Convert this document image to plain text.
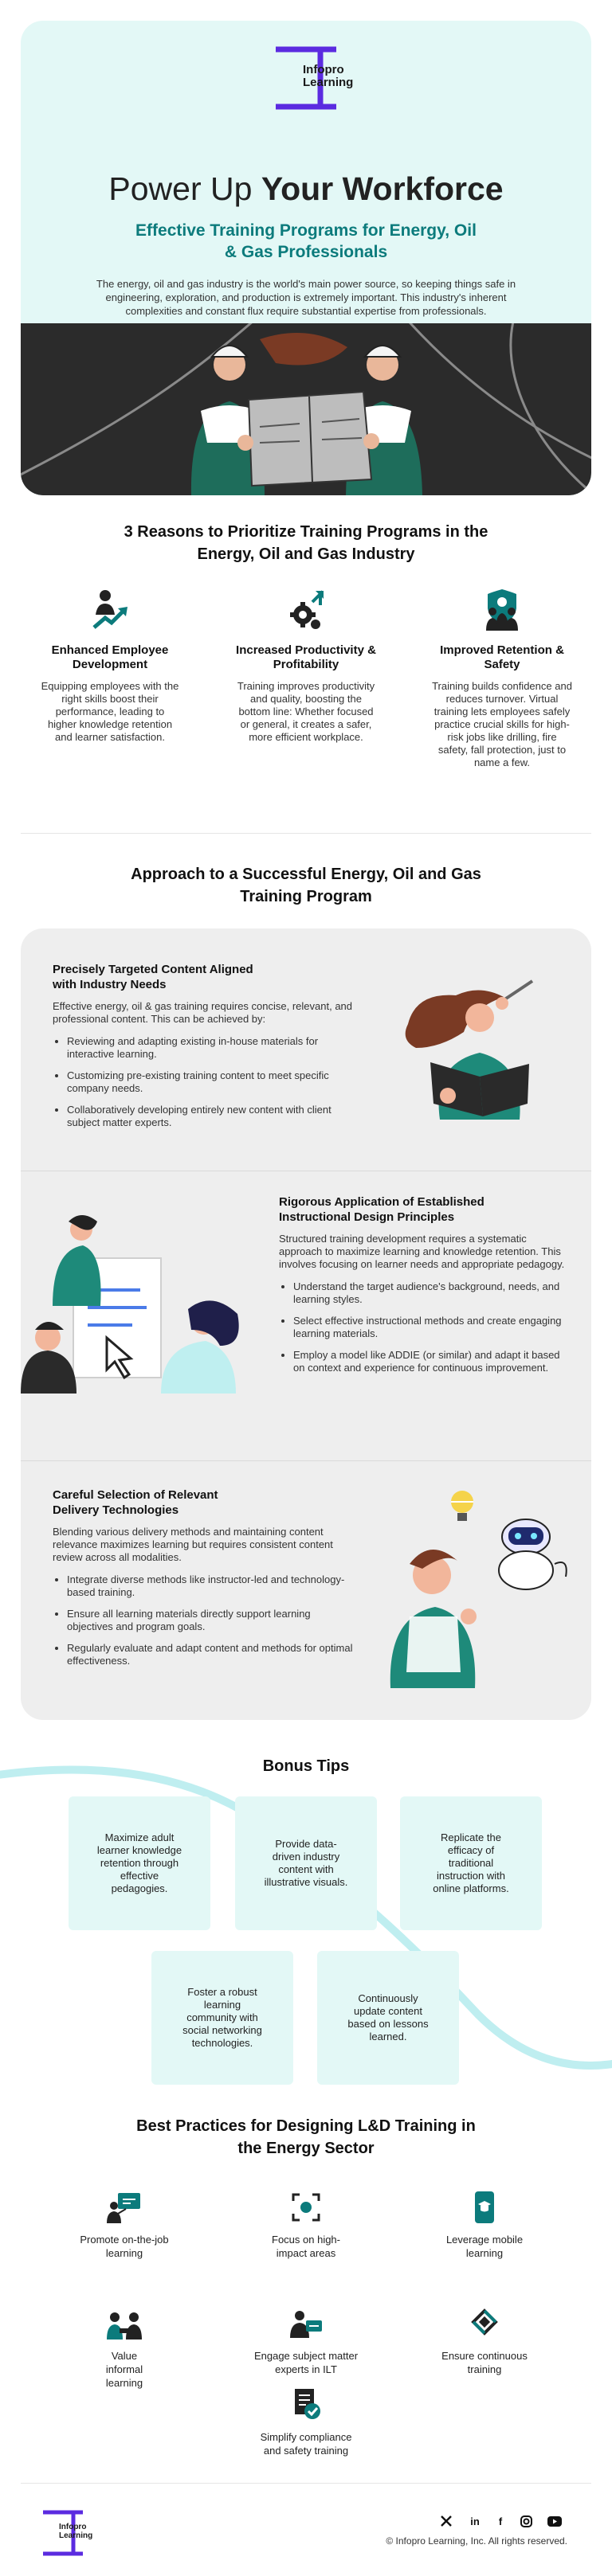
Infopro
Learning
Power Up Your Workforce
Effective Training Programs for Energy, Oil & Gas Professionals
The energy, oil and gas industry is the world's main power source, so keeping things safe in engineering, exploration, and production is extremely important. This industry's inherent complexities and constant flux require substantial expertise from professionals.
3 Reasons to Prioritize Training Programs in the Energy, Oil and Gas Industry
Enhanced Employee Development

Equipping employees with the right skills boost their performance, leading to higher knowledge retention and learner satisfaction.

Increased Productivity & Profitability

Training improves productivity and quality, boosting the bottom line: Whether focused or general, it creates a safer, more efficient workplace.

Improved Retention & Safety

Training builds confidence and reduces turnover. Virtual training lets employees safely practice crucial skills for high-risk jobs like drilling, fire safety, fall protection, just to name a few.

Approach to a Successful Energy, Oil and Gas Training Program
Precisely Targeted Content Aligned with Industry Needs

Effective energy, oil & gas training requires concise, relevant, and professional content. This can be achieved by:

• Reviewing and adapting existing in-house materials for interactive learning.
• Customizing pre-existing training content to meet specific company needs.
• Collaboratively developing entirely new content with client subject matter experts.
Rigorous Application of Established Instructional Design Principles

Structured training development requires a systematic approach to maximize learning and knowledge retention. This involves focusing on learner needs and appropriate pedagogy.

• Understand the target audience's background, needs, and learning styles.
• Select effective instructional methods and create engaging learning materials.
• Employ a model like ADDIE (or similar) and adapt it based on context and experience for continuous improvement.
Careful Selection of Relevant Delivery Technologies

Blending various delivery methods and maintaining content relevance maximizes learning but requires consistent content review across all modalities.

• Integrate diverse methods like instructor-led and technology-based training.
• Ensure all learning materials directly support learning objectives and program goals.
• Regularly evaluate and adapt content and methods for optimal effectiveness.
Bonus Tips
Maximize adult learner knowledge retention through effective pedagogies.
Provide data-driven industry content with illustrative visuals.
Replicate the efficacy of traditional instruction with online platforms.
Foster a robust learning community with social networking technologies.
Continuously update content based on lessons learned.
Best Practices for Designing L&D Training in the Energy Sector

Promote on-the-job learning

Focus on high-impact areas

Leverage mobile learning

Value informal learning

Engage subject matter experts in ILT

Ensure continuous training

Simplify compliance and safety training

Infopro
Learning
in f
© Infopro Learning, Inc. All rights reserved.
